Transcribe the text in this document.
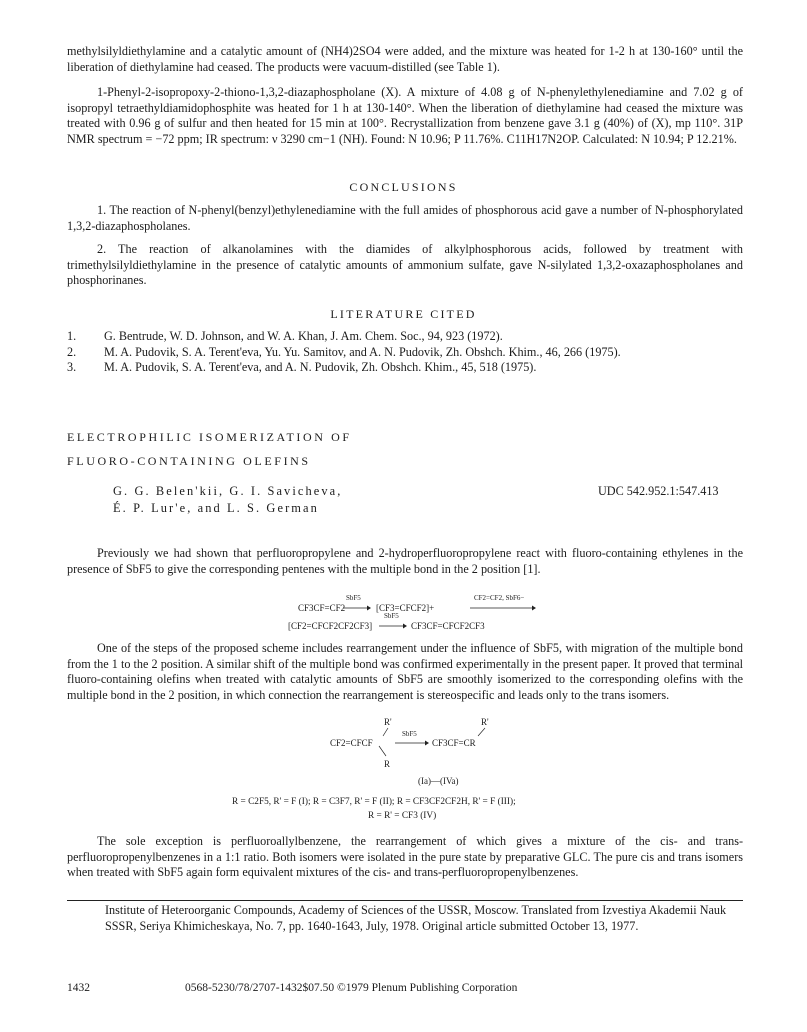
methylsilyldiethylamine and a catalytic amount of (NH4)2SO4 were added, and the mixture was heated for 1-2 h at 130-160° until the liberation of diethylamine had ceased. The products were vacuum-distilled (see Table 1).

1-Phenyl-2-isopropoxy-2-thiono-1,3,2-diazaphospholane (X). A mixture of 4.08 g of N-phenylethylenediamine and 7.02 g of isopropyl tetraethyldiamidophosphite was heated for 1 h at 130-140°. When the liberation of diethylamine had ceased the mixture was treated with 0.96 g of sulfur and then heated for 15 min at 100°. Recrystallization from benzene gave 3.1 g (40%) of (X), mp 110°. 31P NMR spectrum = −72 ppm; IR spectrum: ν 3290 cm−1 (NH). Found: N 10.96; P 11.76%. C11H17N2OP. Calculated: N 10.94; P 12.21%.

CONCLUSIONS

1. The reaction of N-phenyl(benzyl)ethylenediamine with the full amides of phosphorous acid gave a number of N-phosphorylated 1,3,2-diazaphospholanes.

2. The reaction of alkanolamines with the diamides of alkylphosphorous acids, followed by treatment with trimethylsilyldiethylamine in the presence of catalytic amounts of ammonium sulfate, gave N-silylated 1,3,2-oxazaphospholanes and phosphorinanes.

LITERATURE CITED
1. G. Bentrude, W. D. Johnson, and W. A. Khan, J. Am. Chem. Soc., 94, 923 (1972).
2. M. A. Pudovik, S. A. Terent'eva, Yu. Yu. Samitov, and A. N. Pudovik, Zh. Obshch. Khim., 46, 266 (1975).
3. M. A. Pudovik, S. A. Terent'eva, and A. N. Pudovik, Zh. Obshch. Khim., 45, 518 (1975).
ELECTROPHILIC ISOMERIZATION OF
FLUORO-CONTAINING OLEFINS
G. G. Belen'kii, G. I. Savicheva,
É. P. Lur'e, and L. S. German
UDC 542.952.1:547.413

Previously we had shown that perfluoropropylene and 2-hydroperfluoropropylene react with fluoro-containing ethylenes in the presence of SbF5 to give the corresponding pentenes with the multiple bond in the 2 position [1].

CF3CF=CF2
SbF5
→ [CF3=CFCF2]+
CF2=CF2, SbF6−
[CF2=CFCF2CF2CF3]
SbF5
→ CF3CF=CFCF2CF3

One of the steps of the proposed scheme includes rearrangement under the influence of SbF5, with migration of the multiple bond from the 1 to the 2 position. A similar shift of the multiple bond was confirmed experimentally in the present paper. It proved that terminal fluoro-containing olefins when treated with catalytic amounts of SbF5 are smoothly isomerized to the corresponding olefins with the multiple bond in the 2 position, in which connection the rearrangement is stereospecific and leads only to the trans isomers.

R'	R'
CF2=CFCF
SbF5
→ CF3CF=CR
R
(Ia)—(IVa)
R = C2F5, R' = F (I); R = C3F7, R' = F (II); R = CF3CF2CF2H, R' = F (III);
R = R' = CF3 (IV)

The sole exception is perfluoroallylbenzene, the rearrangement of which gives a mixture of the cis- and trans-perfluoropropenylbenzenes in a 1:1 ratio. Both isomers were isolated in the pure state by preparative GLC. The pure cis and trans isomers when treated with SbF5 again form equivalent mixtures of the cis- and trans-perfluoropropenylbenzenes.

Institute of Heteroorganic Compounds, Academy of Sciences of the USSR, Moscow. Translated from Izvestiya Akademii Nauk SSSR, Seriya Khimicheskaya, No. 7, pp. 1640-1643, July, 1978. Original article submitted October 13, 1977.

1432	0568-5230/78/2707-1432$07.50 ©1979 Plenum Publishing Corporation
